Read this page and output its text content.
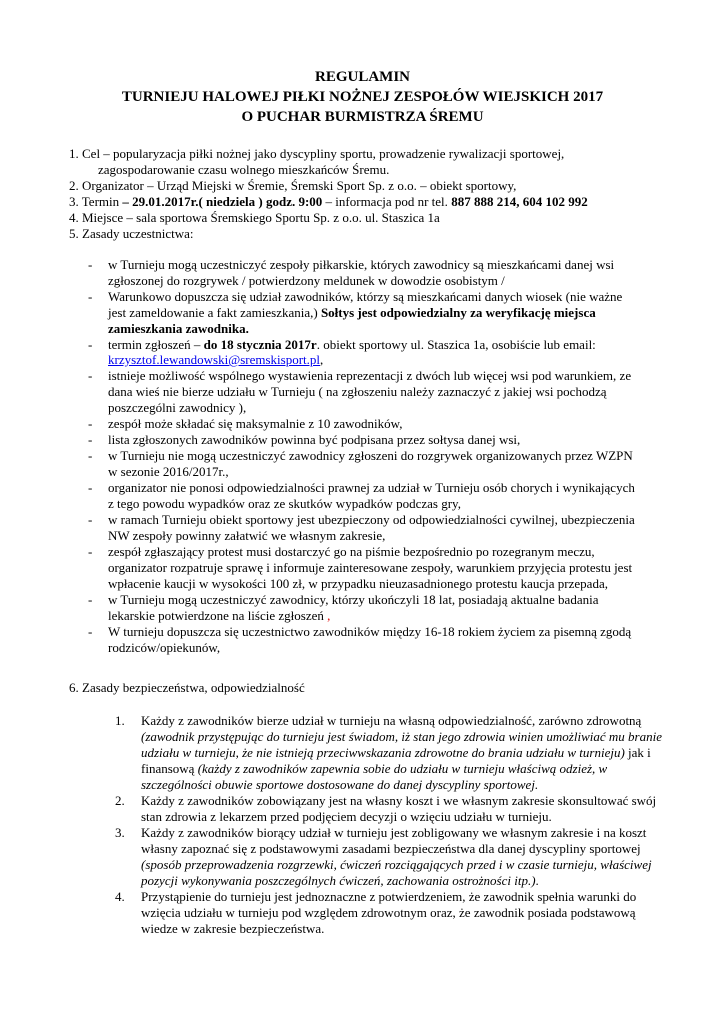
REGULAMIN
TURNIEJU HALOWEJ PIŁKI NOŻNEJ ZESPOŁÓW WIEJSKICH 2017
O PUCHAR BURMISTRZA ŚREMU
1. Cel – popularyzacja piłki nożnej jako dyscypliny sportu, prowadzenie rywalizacji sportowej,
zagospodarowanie czasu wolnego mieszkańców Śremu.
2. Organizator – Urząd Miejski w Śremie, Śremski Sport Sp. z o.o. – obiekt sportowy,
3. Termin – 29.01.2017r.( niedziela ) godz. 9:00 – informacja pod nr tel. 887 888 214, 604 102 992
4. Miejsce – sala sportowa Śremskiego Sportu Sp. z o.o. ul. Staszica 1a
5. Zasady uczestnictwa:
- w Turnieju mogą uczestniczyć zespoły piłkarskie, których zawodnicy są mieszkańcami danej wsi
zgłoszonej do rozgrywek / potwierdzony meldunek w dowodzie osobistym /
- Warunkowo dopuszcza się udział zawodników, którzy są mieszkańcami danych wiosek (nie ważne
jest zameldowanie a fakt zamieszkania,) Sołtys jest odpowiedzialny za weryfikację miejsca
zamieszkania zawodnika.
- termin zgłoszeń – do 18 stycznia 2017r. obiekt sportowy ul. Staszica 1a, osobiście lub email:
krzysztof.lewandowski@sremskisport.pl,
- istnieje możliwość wspólnego wystawienia reprezentacji z dwóch lub więcej wsi pod warunkiem, ze
dana wieś nie bierze udziału w Turnieju ( na zgłoszeniu należy zaznaczyć z jakiej wsi pochodzą
poszczególni zawodnicy ),
- zespół może składać się maksymalnie z 10 zawodników,
- lista zgłoszonych zawodników powinna być podpisana przez sołtysa danej wsi,
- w Turnieju nie mogą uczestniczyć zawodnicy zgłoszeni do rozgrywek organizowanych przez WZPN
w sezonie 2016/2017r.,
- organizator nie ponosi odpowiedzialności prawnej za udział w Turnieju osób chorych i wynikających
z tego powodu wypadków oraz ze skutków wypadków podczas gry,
- w ramach Turnieju obiekt sportowy jest ubezpieczony od odpowiedzialności cywilnej, ubezpieczenia
NW zespoły powinny załatwić we własnym zakresie,
- zespół zgłaszający protest musi dostarczyć go na piśmie bezpośrednio po rozegranym meczu,
organizator rozpatruje sprawę i informuje zainteresowane zespoły, warunkiem przyjęcia protestu jest
wpłacenie kaucji w wysokości 100 zł, w przypadku nieuzasadnionego protestu kaucja przepada,
- w Turnieju mogą uczestniczyć zawodnicy, którzy ukończyli 18 lat, posiadają aktualne badania
lekarskie potwierdzone na liście zgłoszeń ,
- W turnieju dopuszcza się uczestnictwo zawodników między 16-18 rokiem życiem za pisemną zgodą
rodziców/opiekunów,
6. Zasady bezpieczeństwa, odpowiedzialność
1. Każdy z zawodników bierze udział w turnieju na własną odpowiedzialność, zarówno zdrowotną
(zawodnik przystępując do turnieju jest świadom, iż stan jego zdrowia winien umożliwiać mu branie
udziału w turnieju, że nie istnieją przeciwwskazania zdrowotne do brania udziału w turnieju) jak i
finansową (każdy z zawodników zapewnia sobie do udziału w turnieju właściwą odzież, w
szczególności obuwie sportowe dostosowane do danej dyscypliny sportowej.
2. Każdy z zawodników zobowiązany jest na własny koszt i we własnym zakresie skonsultować swój
stan zdrowia z lekarzem przed podjęciem decyzji o wzięciu udziału w turnieju.
3. Każdy z zawodników biorący udział w turnieju jest zobligowany we własnym zakresie i na koszt
własny zapoznać się z podstawowymi zasadami bezpieczeństwa dla danej dyscypliny sportowej
(sposób przeprowadzenia rozgrzewki, ćwiczeń rozciągających przed i w czasie turnieju, właściwej
pozycji wykonywania poszczególnych ćwiczeń, zachowania ostrożności itp.).
4. Przystąpienie do turnieju jest jednoznaczne z potwierdzeniem, że zawodnik spełnia warunki do
wzięcia udziału w turnieju pod względem zdrowotnym oraz, że zawodnik posiada podstawową
wiedze w zakresie bezpieczeństwa.
